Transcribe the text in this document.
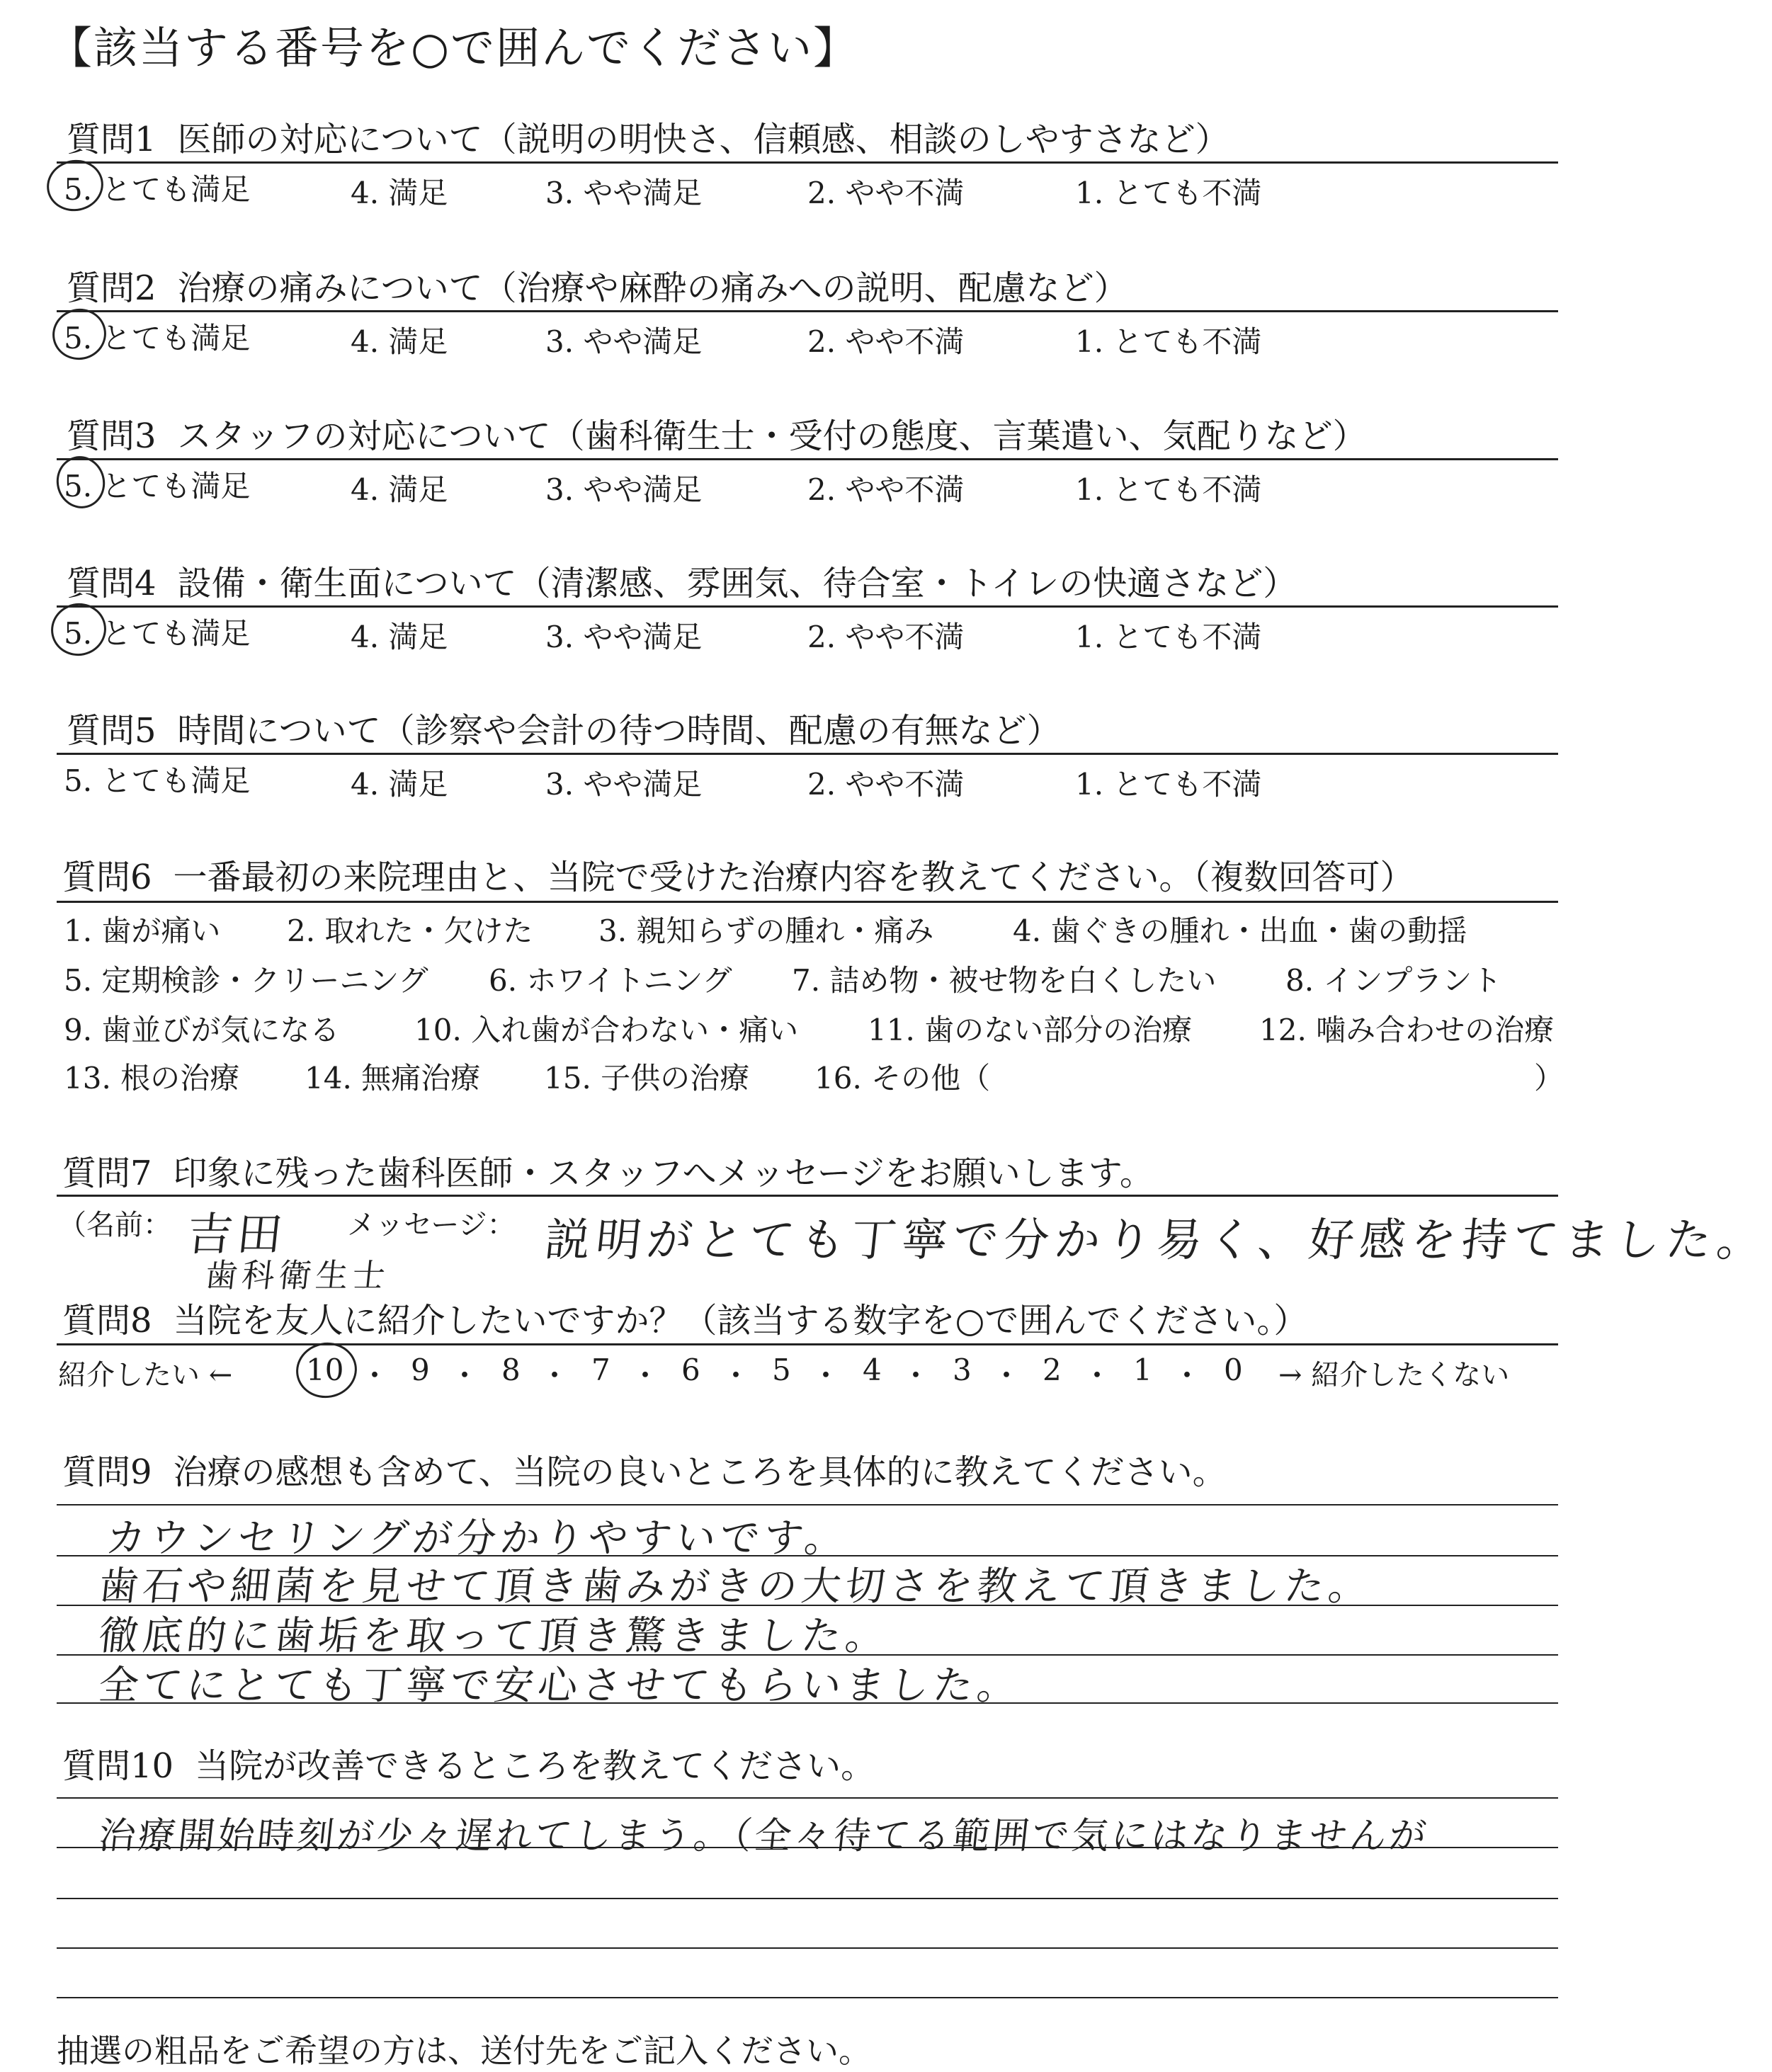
【該当する番号を○で囲んでください】
質問1 医師の対応について（説明の明快さ、信頼感、相談のしやすさなど）
5. とても満足	4. 満足	3. やや満足	2. やや不満	1. とても不満
質問2 治療の痛みについて（治療や麻酔の痛みへの説明、配慮など）
5. とても満足	4. 満足	3. やや満足	2. やや不満	1. とても不満
質問3 スタッフの対応について（歯科衛生士・受付の態度、言葉遣い、気配りなど）
5. とても満足	4. 満足	3. やや満足	2. やや不満	1. とても不満
質問4 設備・衛生面について（清潔感、雰囲気、待合室・トイレの快適さなど）
5. とても満足	4. 満足	3. やや満足	2. やや不満	1. とても不満
質問5 時間について（診察や会計の待つ時間、配慮の有無など）
5. とても満足	4. 満足	3. やや満足	2. やや不満	1. とても不満
質問6 一番最初の来院理由と、当院で受けた治療内容を教えてください。（複数回答可）
1. 歯が痛い 2. 取れた・欠けた 3. 親知らずの腫れ・痛み	4. 歯ぐきの腫れ・出血・歯の動揺
5. 定期検診・クリーニング 6. ホワイトニング 7. 詰め物・被せ物を白くしたい 8. インプラント
9. 歯並びが気になる	10. 入れ歯が合わない・痛い 11. 歯のない部分の治療 12. 噛み合わせの治療
13. 根の治療 14. 無痛治療 15. 子供の治療 16. その他（	）
質問7 印象に残った歯科医師・スタッフへメッセージをお願いします。
（名前：	メッセージ：
吉田
歯科衛生士
説明がとても丁寧で分かり易く、好感を持てました。
質問8 当院を友人に紹介したいですか？（該当する数字を○で囲んでください。）
紹介したい ← 10 ・ 9 ・ 8 ・ 7 ・ 6 ・ 5 ・ 4 ・ 3 ・ 2 ・ 1 ・ 0 → 紹介したくない
質問9 治療の感想も含めて、当院の良いところを具体的に教えてください。
カウンセリングが分かりやすいです。
歯石や細菌を見せて頂き歯みがきの大切さを教えて頂きました。
徹底的に歯垢を取って頂き驚きました。
全てにとても丁寧で安心させてもらいました。
質問10 当院が改善できるところを教えてください。
治療開始時刻が少々遅れてしまう。（全々待てる範囲で気にはなりませんが
抽選の粗品をご希望の方は、送付先をご記入ください。
